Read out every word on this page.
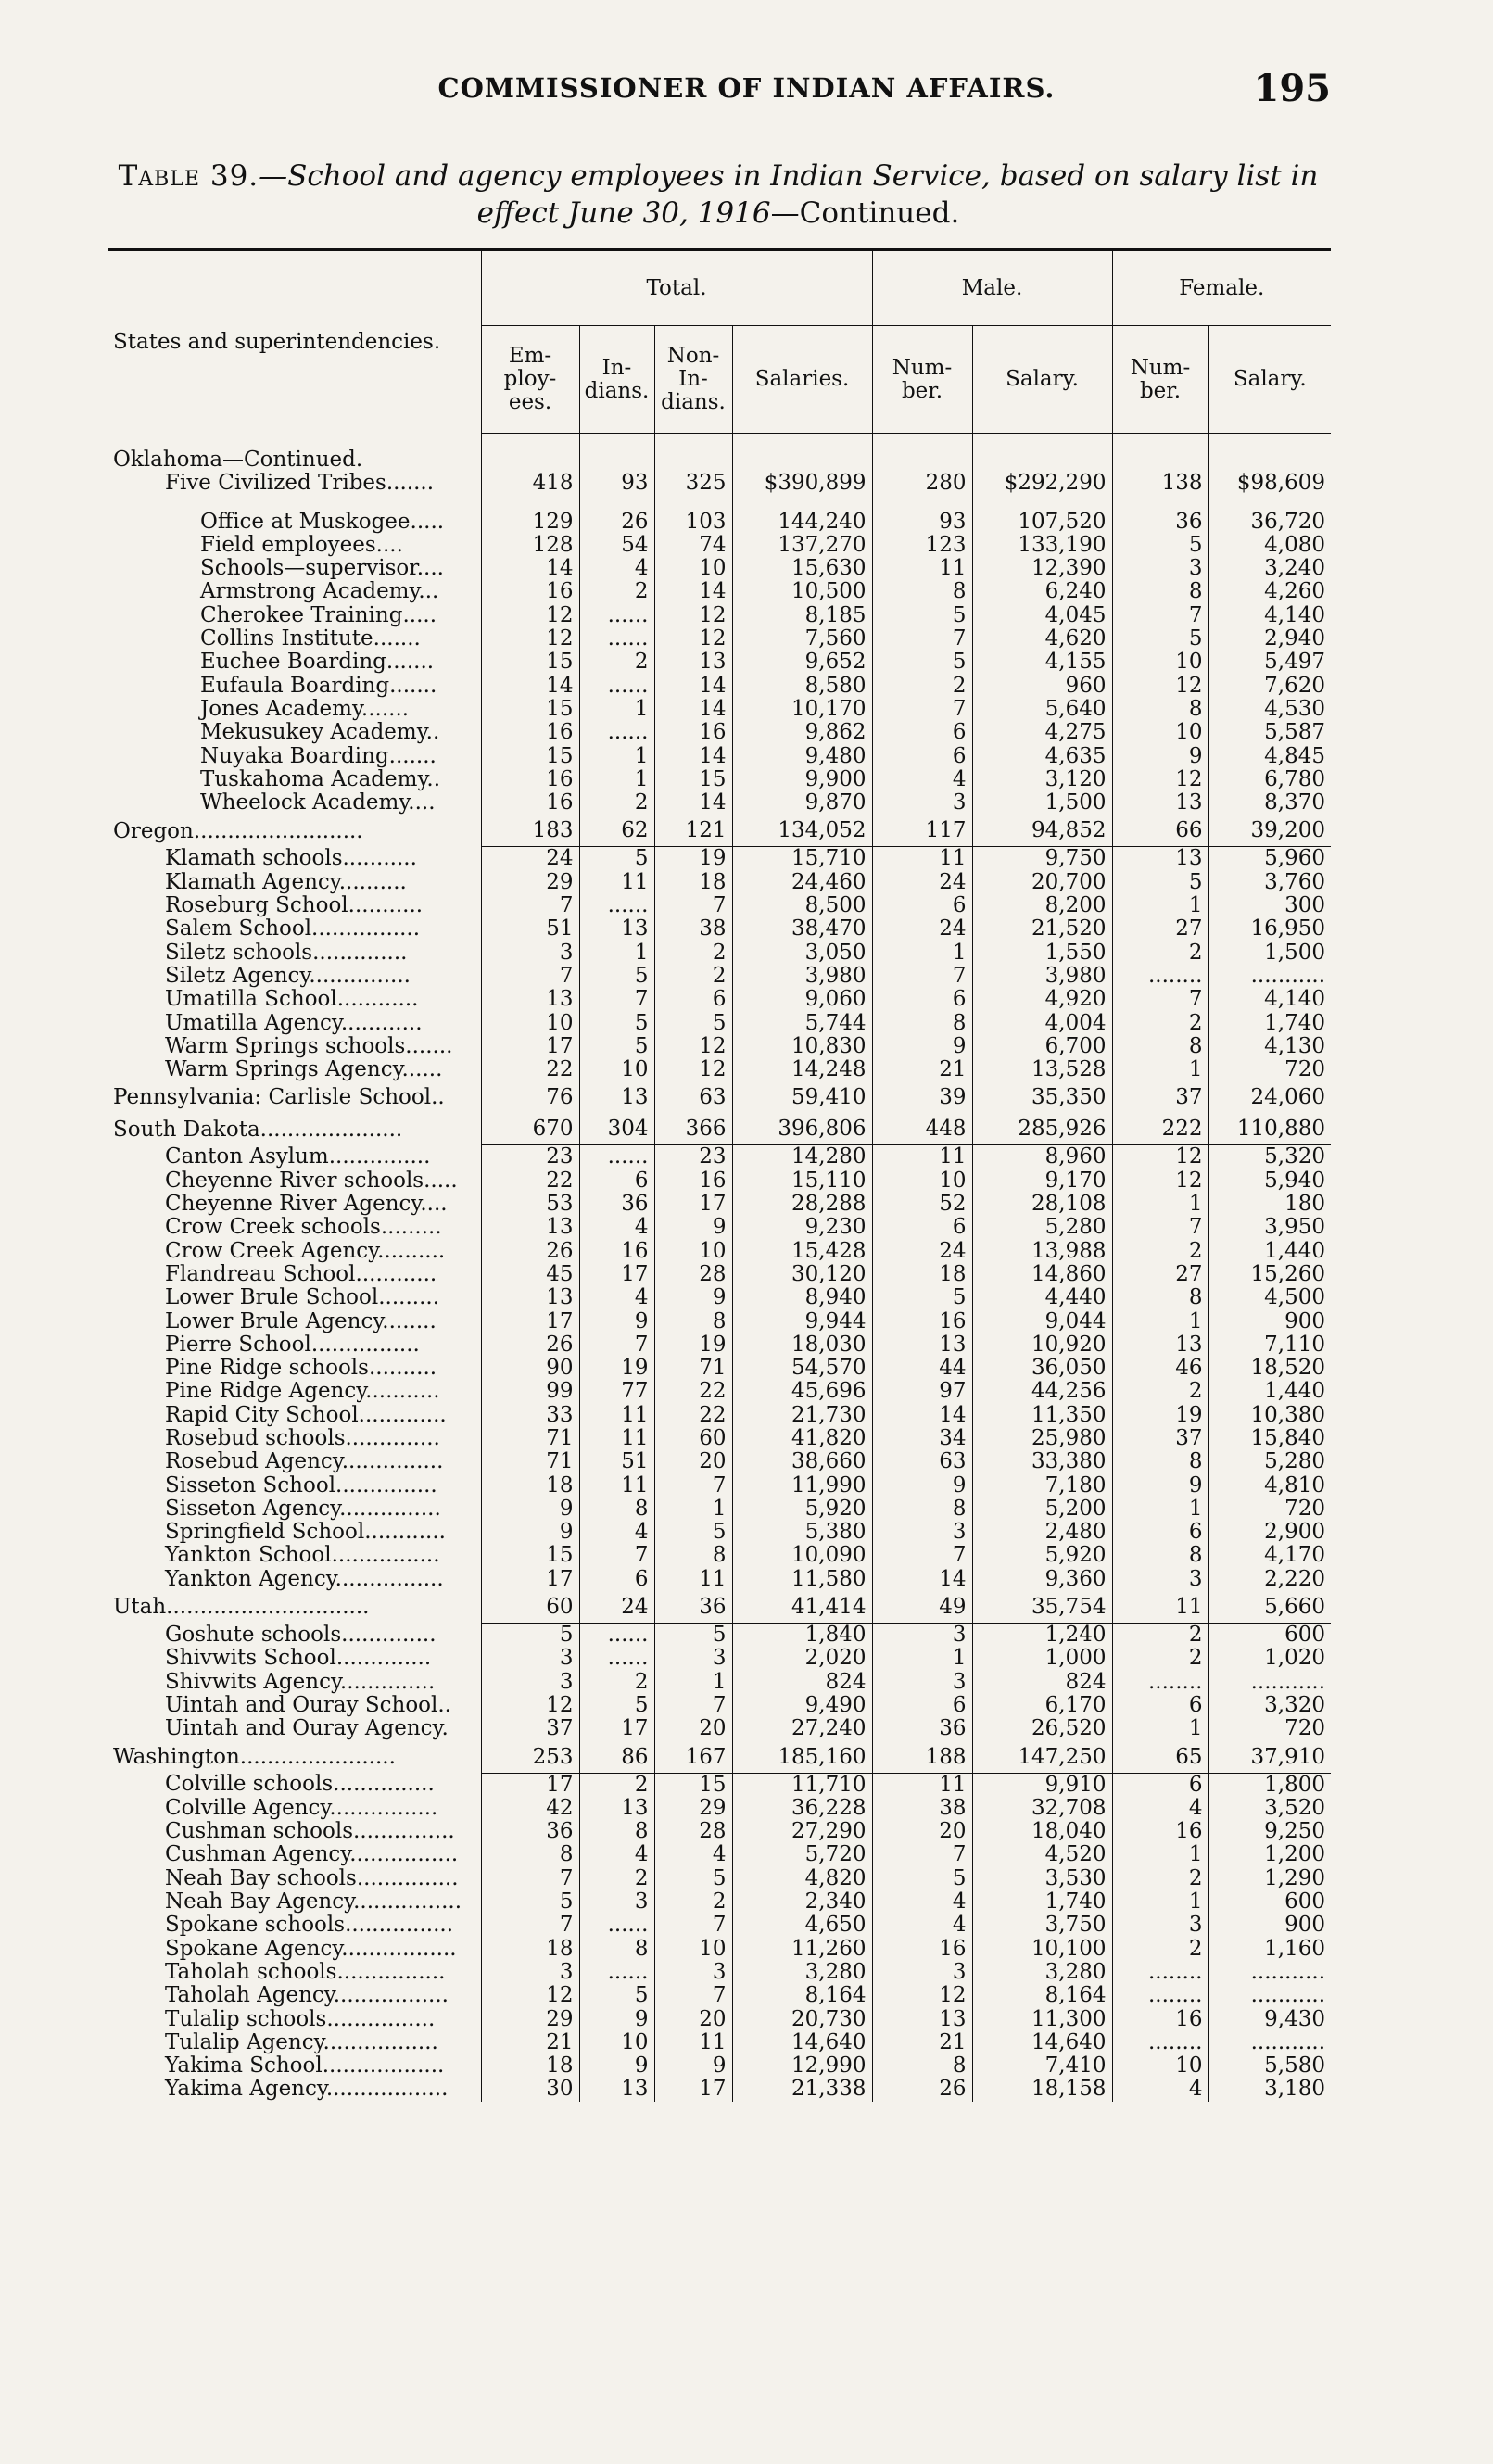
COMMISSIONER OF INDIAN AFFAIRS.	195
Table 39.—School and agency employees in Indian Service, based on salary list in effect June 30, 1916—Continued.

States and superintendencies.	Total.				Male.		Female.	
	Em-ploy-ees.	In-dians.	Non-In-dians.	Salaries.	Num-ber.	Salary.	Num-ber.	Salary.

Oklahoma—Continued.								
Five Civilized Tribes.......	418	93	325	$390,899	280	$292,290	138	$98,609

Office at Muskogee.....	129	26	103	144,240	93	107,520	36	36,720
Field employees....	128	54	74	137,270	123	133,190	5	4,080
Schools—supervisor....	14	4	10	15,630	11	12,390	3	3,240
Armstrong Academy...	16	2	14	10,500	8	6,240	8	4,260
Cherokee Training.....	12	......	12	8,185	5	4,045	7	4,140
Collins Institute.......	12	......	12	7,560	7	4,620	5	2,940
Euchee Boarding.......	15	2	13	9,652	5	4,155	10	5,497
Eufaula Boarding.......	14	......	14	8,580	2	960	12	7,620
Jones Academy.......	15	1	14	10,170	7	5,640	8	4,530
Mekusukey Academy..	16	......	16	9,862	6	4,275	10	5,587
Nuyaka Boarding.......	15	1	14	9,480	6	4,635	9	4,845
Tuskahoma Academy..	16	1	15	9,900	4	3,120	12	6,780
Wheelock Academy....	16	2	14	9,870	3	1,500	13	8,370
Oregon.........................	183	62	121	134,052	117	94,852	66	39,200
Klamath schools...........	24	5	19	15,710	11	9,750	13	5,960
Klamath Agency..........	29	11	18	24,460	24	20,700	5	3,760
Roseburg School...........	7	......	7	8,500	6	8,200	1	300
Salem School................	51	13	38	38,470	24	21,520	27	16,950
Siletz schools..............	3	1	2	3,050	1	1,550	2	1,500
Siletz Agency...............	7	5	2	3,980	7	3,980	........	...........
Umatilla School............	13	7	6	9,060	6	4,920	7	4,140
Umatilla Agency............	10	5	5	5,744	8	4,004	2	1,740
Warm Springs schools.......	17	5	12	10,830	9	6,700	8	4,130
Warm Springs Agency......	22	10	12	14,248	21	13,528	1	720
Pennsylvania: Carlisle School..	76	13	63	59,410	39	35,350	37	24,060
South Dakota.....................	670	304	366	396,806	448	285,926	222	110,880
Canton Asylum...............	23	......	23	14,280	11	8,960	12	5,320
Cheyenne River schools.....	22	6	16	15,110	10	9,170	12	5,940
Cheyenne River Agency....	53	36	17	28,288	52	28,108	1	180
Crow Creek schools.........	13	4	9	9,230	6	5,280	7	3,950
Crow Creek Agency..........	26	16	10	15,428	24	13,988	2	1,440
Flandreau School............	45	17	28	30,120	18	14,860	27	15,260
Lower Brule School.........	13	4	9	8,940	5	4,440	8	4,500
Lower Brule Agency........	17	9	8	9,944	16	9,044	1	900
Pierre School................	26	7	19	18,030	13	10,920	13	7,110
Pine Ridge schools..........	90	19	71	54,570	44	36,050	46	18,520
Pine Ridge Agency...........	99	77	22	45,696	97	44,256	2	1,440
Rapid City School.............	33	11	22	21,730	14	11,350	19	10,380
Rosebud schools..............	71	11	60	41,820	34	25,980	37	15,840
Rosebud Agency...............	71	51	20	38,660	63	33,380	8	5,280
Sisseton School...............	18	11	7	11,990	9	7,180	9	4,810
Sisseton Agency...............	9	8	1	5,920	8	5,200	1	720
Springfield School............	9	4	5	5,380	3	2,480	6	2,900
Yankton School................	15	7	8	10,090	7	5,920	8	4,170
Yankton Agency................	17	6	11	11,580	14	9,360	3	2,220
Utah..............................	60	24	36	41,414	49	35,754	11	5,660
Goshute schools..............	5	......	5	1,840	3	1,240	2	600
Shivwits School..............	3	......	3	2,020	1	1,000	2	1,020
Shivwits Agency..............	3	2	1	824	3	824	........	...........
Uintah and Ouray School..	12	5	7	9,490	6	6,170	6	3,320
Uintah and Ouray Agency.	37	17	20	27,240	36	26,520	1	720
Washington.......................	253	86	167	185,160	188	147,250	65	37,910
Colville schools...............	17	2	15	11,710	11	9,910	6	1,800
Colville Agency................	42	13	29	36,228	38	32,708	4	3,520
Cushman schools...............	36	8	28	27,290	20	18,040	16	9,250
Cushman Agency................	8	4	4	5,720	7	4,520	1	1,200
Neah Bay schools...............	7	2	5	4,820	5	3,530	2	1,290
Neah Bay Agency................	5	3	2	2,340	4	1,740	1	600
Spokane schools................	7	......	7	4,650	4	3,750	3	900
Spokane Agency.................	18	8	10	11,260	16	10,100	2	1,160
Taholah schools................	3	......	3	3,280	3	3,280	........	...........
Taholah Agency.................	12	5	7	8,164	12	8,164	........	...........
Tulalip schools................	29	9	20	20,730	13	11,300	16	9,430
Tulalip Agency.................	21	10	11	14,640	21	14,640	........	...........
Yakima School..................	18	9	9	12,990	8	7,410	10	5,580
Yakima Agency..................	30	13	17	21,338	26	18,158	4	3,180
